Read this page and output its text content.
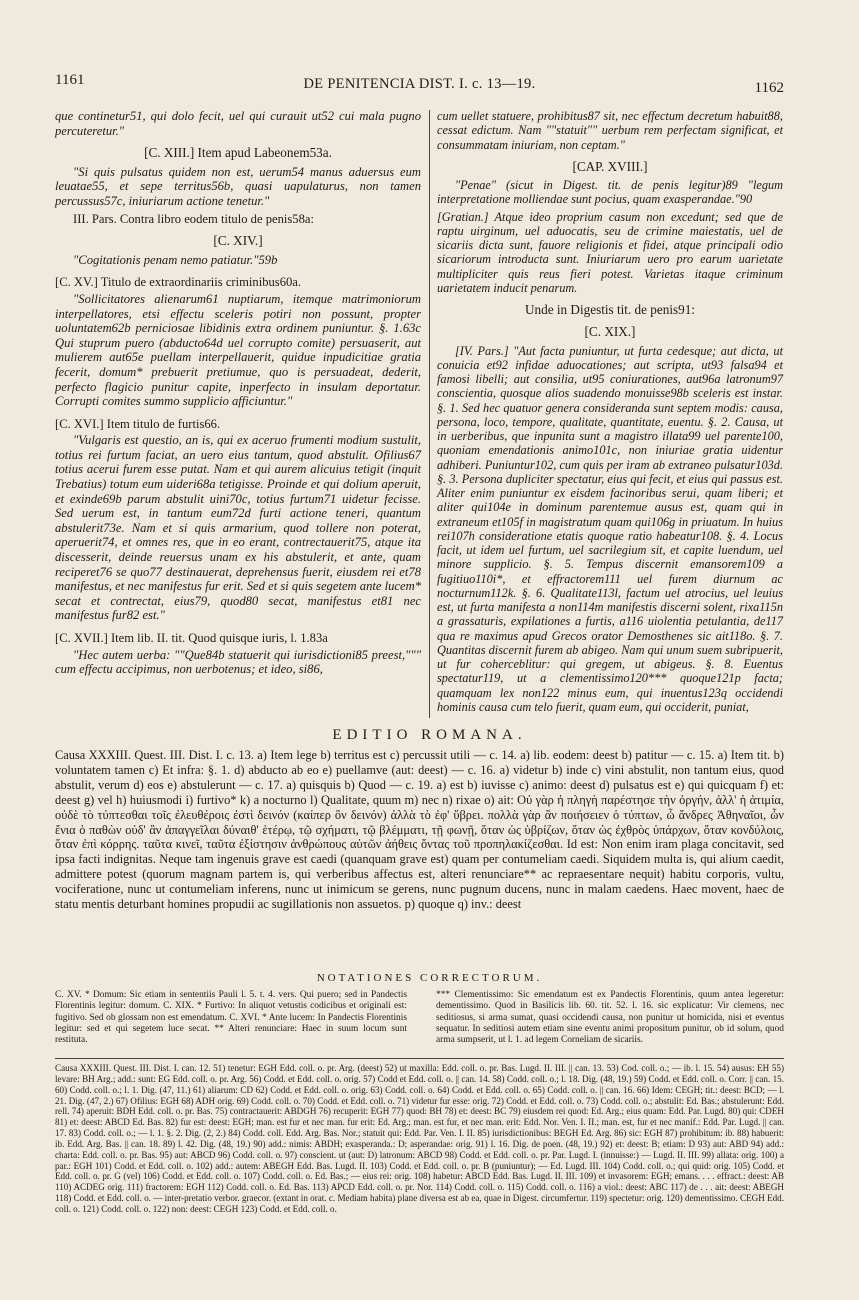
1161	DE PENITENCIA DIST. I. c. 13—19.	1162

que continetur51, qui dolo fecit, uel qui curauit ut52 cui mala pugno percuteretur."

[C. XIII.] Item apud Labeonem53a.

"Si quis pulsatus quidem non est, uerum54 manus aduersus eum leuatae55, et sepe territus56b, quasi uapulaturus, non tamen percussus57c, iniuriarum actione tenetur."

III. Pars. Contra libro eodem titulo de penis58a:

[C. XIV.]

"Cogitationis penam nemo patiatur."59b

[C. XV.] Titulo de extraordinariis criminibus60a.

"Sollicitatores alienarum61 nuptiarum, itemque matrimoniorum interpellatores, etsi effectu sceleris potiri non possunt, propter uoluntatem62b perniciosae libidinis extra ordinem puniuntur. §. 1.63c Qui stuprum puero (abducto64d uel corrupto comite) persuaserit, aut mulierem aut65e puellam interpellauerit, quidue inpudicitiae gratia fecerit, domum* prebuerit pretiumue, quo is persuadeat, dederit, perfecto flagicio punitur capite, inperfecto in insulam deportatur. Corrupti comites summo supplicio afficiuntur."

[C. XVI.] Item titulo de furtis66.

"Vulgaris est questio, an is, qui ex aceruo frumenti modium sustulit, totius rei furtum faciat, an uero eius tantum, quod abstulit. Ofilius67 totius acerui furem esse putat. Nam et qui aurem alicuius tetigit (inquit Trebatius) totum eum uideri68a tetigisse. Proinde et qui dolium aperuit, et exinde69b parum abstulit uini70c, totius furtum71 uidetur fecisse. Sed uerum est, in tantum eum72d furti actione teneri, quantum abstulerit73e. Nam et si quis armarium, quod tollere non poterat, aperuerit74, et omnes res, que in eo erant, contrectauerit75, atque ita discesserit, deinde reuersus unam ex his abstulerit, et ante, quam reciperet76 se quo77 destinauerat, deprehensus fuerit, eiusdem rei et78 manifestus, et nec manifestus fur erit. Sed et si quis segetem ante lucem* secat et contrectat, eius79, quod80 secat, manifestus et81 nec manifestus fur82 est."

[C. XVII.] Item lib. II. tit. Quod quisque iuris, l. 1.83a

"Hec autem uerba: ""Que84b statuerit qui iurisdictioni85 preest,""" cum effectu accipimus, non uerbotenus; et ideo, si86,

cum uellet statuere, prohibitus87 sit, nec effectum decretum habuit88, cessat edictum. Nam ""statuit"" uerbum rem perfectam significat, et consummatam iniuriam, non ceptam."

[CAP. XVIII.]

"Penae" (sicut in Digest. tit. de penis legitur)89 "legum interpretatione molliendae sunt pocius, quam exasperandae."90

[Gratian.] Atque ideo proprium casum non excedunt; sed que de raptu uirginum, uel aduocatis, seu de crimine maiestatis, uel de sicariis dicta sunt, fauore religionis et fidei, atque principali odio sicariorum introducta sunt. Iniuriarum uero pro earum uarietate multipliciter quis reus fieri potest. Varietas itaque criminum uarietatem inducit penarum.

Unde in Digestis tit. de penis91:

[C. XIX.]

[IV. Pars.] "Aut facta puniuntur, ut furta cedesque; aut dicta, ut conuicia et92 infidae aduocationes; aut scripta, ut93 falsa94 et famosi libelli; aut consilia, ut95 coniurationes, aut96a latronum97 conscientia, quosque alios suadendo monuisse98b sceleris est instar. §. 1. Sed hec quatuor genera consideranda sunt septem modis: causa, persona, loco, tempore, qualitate, quantitate, euentu. §. 2. Causa, ut in uerberibus, que inpunita sunt a magistro illata99 uel parente100, quoniam emendationis animo101c, non iniuriae gratia uidentur adhiberi. Puniuntur102, cum quis per iram ab extraneo pulsatur103d. §. 3. Persona dupliciter spectatur, eius qui fecit, et eius qui passus est. Aliter enim puniuntur ex eisdem facinoribus serui, quam liberi; et aliter qui104e in dominum parentemue ausus est, quam qui in extraneum et105f in magistratum quam qui106g in priuatum. In huius rei107h consideratione etatis quoque ratio habeatur108. §. 4. Locus facit, ut idem uel furtum, uel sacrilegium sit, et capite luendum, uel minore supplicio. §. 5. Tempus discernit emansorem109 a fugitiuo110i*, et effractorem111 uel furem diurnum ac nocturnum112k. §. 6. Qualitate113l, factum uel atrocius, uel leuius est, ut furta manifesta a non114m manifestis discerni solent, rixa115n a grassaturis, expilationes a furtis, a116 uiolentia petulantia, de117 qua re maximus apud Grecos orator Demosthenes sic ait118o. §. 7. Quantitas discernit furem ab abigeo. Nam qui unum suem subripuerit, ut fur coherceblitur: qui gregem, ut abigeus. §. 8. Euentus spectatur119, ut a clementissimo120*** quoque121p facta; quamquam lex non122 minus eum, qui inuentus123q occidendi hominis causa cum telo fuerit, quam eum, qui occiderit, puniat,

EDITIO ROMANA.

Causa XXXIII. Quest. III. Dist. I. c. 13. a) Item lege b) territus est c) percussit utili — c. 14. a) lib. eodem: deest b) patitur — c. 15. a) Item tit. b) voluntatem tamen c) Et infra: §. 1. d) abducto ab eo e) puellamve (aut: deest) — c. 16. a) videtur b) inde c) vini abstulit, non tantum eius, quod abstulit, verum d) eos e) abstulerunt — c. 17. a) quisquis b) Quod — c. 19. a) est b) iuvisse c) animo: deest d) pulsatus est e) qui quicquam f) et: deest g) vel h) huiusmodi i) furtivo* k) a nocturno l) Qualitate, quum m) nec n) rixae o) ait: Οὐ γὰρ ἡ πληγὴ παρέστησε τὴν ὀργήν, ἀλλ' ἡ ἀτιμία, οὐδὲ τὸ τύπτεσθαι τοῖς ἐλευθέροις ἐστὶ δεινόν (καίπερ ὂν δεινόν) ἀλλὰ τὸ ἐφ' ὕβρει. πολλὰ γὰρ ἂν ποιήσειεν ὁ τύπτων, ὦ ἄνδρες Ἀθηναῖοι, ὧν ἔνια ὁ παθὼν οὐδ' ἂν ἀπαγγεῖλαι δύναιθ' ἑτέρῳ, τῷ σχήματι, τῷ βλέμματι, τῇ φωνῇ, ὅταν ὡς ὑβρίζων, ὅταν ὡς ἐχθρὸς ὑπάρχων, ὅταν κονδύλοις, ὅταν ἐπὶ κόρρης. ταῦτα κινεῖ, ταῦτα ἐξίστησιν ἀνθρώπους αὑτῶν ἀήθεις ὄντας τοῦ προπηλακίζεσθαι. Id est: Non enim iram plaga concitavit, sed ipsa facti indignitas. Neque tam ingenuis grave est caedi (quanquam grave est) quam per contumeliam caedi. Siquidem multa is, qui alium caedit, admittere potest (quorum magnam partem is, qui verberibus affectus est, alteri renunciare** ac repraesentare nequit) habitu corporis, vultu, vociferatione, nunc ut contumeliam inferens, nunc ut inimicum se gerens, nunc pugnum ducens, nunc in malam caedens. Haec movent, haec de statu mentis deturbant homines propudii ac sugillationis non assuetos. p) quoque q) inv.: deest

NOTATIONES CORRECTORUM.

C. XV. * Domum: Sic etiam in sententiis Pauli l. 5. t. 4. vers. Qui puero; sed in Pandectis Florentinis legitur: domum. C. XIX. * Furtivo: In aliquot vetustis codicibus et originali est: fugitivo. Sed ob glossam non est emendatum. C. XVI. * Ante lucem: In Pandectis Florentinis legitur: sed et qui segetem luce secat. ** Alteri renunciare: Haec in suum locum sunt restituta.

*** Clementissimo: Sic emendatum est ex Pandectis Florentinis, quum antea legeretur: dementissimo. Quod in Basilicis lib. 60. tit. 52. l. 16. sic explicatur: Vir clemens, nec seditiosus, si arma sumat, quasi occidendi causa, non punitur ut homicida, nisi et eventus sequatur. In seditiosi autem etiam sine eventu animi propositum punitur, ob id solum, quod arma sumpserit, ut l. 1. ad legem Corneliam de sicariis.

Causa XXXIII. Quest. III. Dist. I. can. 12. 51) tenetur: EGH Edd. coll. o. pr. Arg. (deest) 52) ut maxilla: Edd. coll. o. pr. Bas. Lugd. II. III. || can. 13. 53) Cod. coll. o.; — ib. l. 15. 54) ausus: EH 55) levare: BH Arg.; add.: sunt: EG Edd. coll. o. pr. Arg. 56) Codd. et Edd. coll. o. orig. 57) Codd et Edd. coll. o. || can. 14. 58) Codd. coll. o.; l. 18. Dig. (48, 19.) 59) Codd. et Edd. coll. o. Corr. || can. 15. 60) Codd. coll. o.; l. 1. Dig. (47, 11.) 61) aliarum: CD 62) Codd. et Edd. coll. o. orig. 63) Codd. coll. o. 64) Codd. et Edd. coll. o. 65) Codd. coll. o. || can. 16. 66) Idem: CEGH; tit.: deest: BCD; — l. 21. Dig. (47, 2.) 67) Ofilius: EGH 68) ADH orig. 69) Codd. coll. o. 70) Codd. et Edd. coll. o. 71) videtur fur esse: orig. 72) Codd. et Edd. coll. o. 73) Codd. coll. o.; abstulit: Ed. Bas.; abstulerunt: Edd. rell. 74) aperuit: BDH Edd. coll. o. pr. Bas. 75) contractauerit: ABDGH 76) recuperit: EGH 77) quod: BH 78) et: deest: BC 79) eiusdem rei quod: Ed. Arg.; eius quam: Edd. Par. Lugd. 80) qui: CDEH 81) et: deest: ABCD Ed. Bas. 82) fur est: deest: EGH; man. est fur et nec man. fur erit: Ed. Arg.; man. est fur, et nec man. erit: Edd. Nor. Ven. I. II.; man. est, fur et nec manif.: Edd. Par. Lugd. || can. 17. 83) Codd. coll. o.; — l. 1. §. 2. Dig. (2, 2.) 84) Codd. coll. Edd. Arg. Bas. Nor.; statuit qui: Edd. Par. Ven. I. II. 85) iurisdictionibus: BEGH Ed. Arg. 86) sic: EGH 87) prohibitum: ib. 88) habuerit: ib. Edd. Arg. Bas. || can. 18. 89) l. 42. Dig. (48, 19.) 90) add.: nimis: ABDH; exasperanda.: D; asperandae: orig. 91) l. 16. Dig. de poen. (48, 19.) 92) et: deest: B; etiam: D 93) aut: ABD 94) add.: charta: Edd. coll. o. pr. Bas. 95) aut: ABCD 96) Codd. coll. o. 97) conscient. ut (aut: D) latronum: ABCD 98) Codd. et Edd. coll. o. pr. Par. Lugd. I. (innuisse:) — Lugd. II. III. 99) allata: orig. 100) a par.: EGH 101) Codd. et Edd. coll. o. 102) add.: autem: ABEGH Edd. Bas. Lugd. II. 103) Codd. et Edd. coll. o. pr. B (puniuntur); — Ed. Lugd. III. 104) Codd. coll. o.; qui quid: orig. 105) Codd. et Edd. coll. o. pr. G (vel) 106) Codd. et Edd. coll. o. 107) Codd. coll. o. Ed. Bas.; — eius rei: orig. 108) habetur: ABCD Edd. Bas. Lugd. II. III. 109) et invasorem: EGH; emans. . . . effract.: deest: AB 110) ACDEG orig. 111) fractorem: EGH 112) Codd. coll. o. Ed. Bas. 113) APCD Edd. coll. o. pr. Nor. 114) Codd. coll. o. 115) Codd. coll. o. 116) a viol.: deest: ABC 117) de . . . ait: deest: ABEGH 118) Codd. et Edd. coll. o. — inter-pretatio verbor. graecor. (extant in orat. c. Mediam habita) plane diversa est ab ea, quae in Digest. circumfertur. 119) spectetur: orig. 120) dementissimo. CEGH Edd. coll. o. 121) Codd. coll. o. 122) non: deest: CEGH 123) Codd. et Edd. coll. o.
